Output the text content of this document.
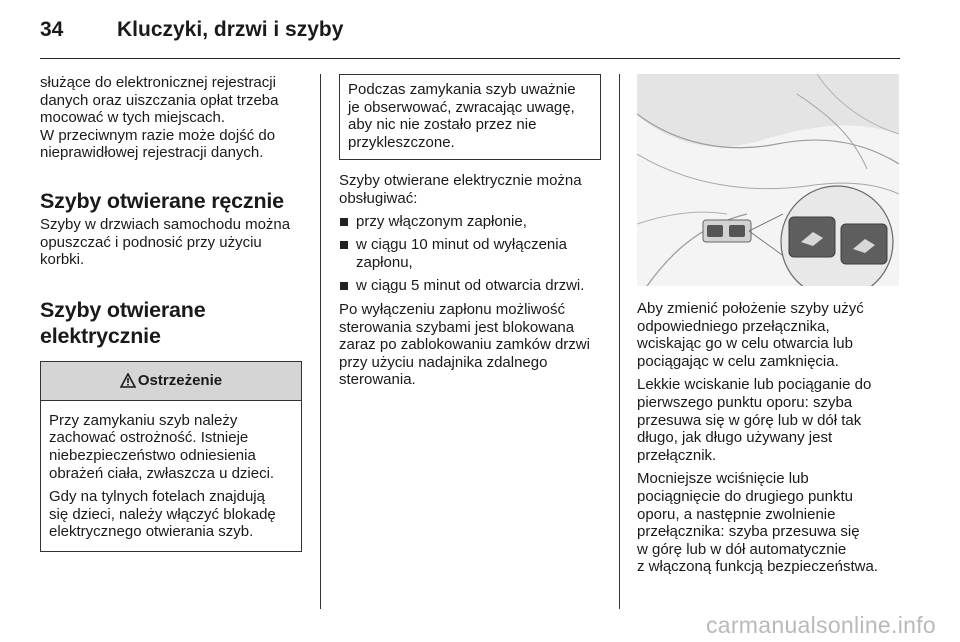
34	Kluczyki, drzwi i szyby

służące do elektronicznej rejestracji
danych oraz uiszczania opłat trzeba
mocować w tych miejscach.
W przeciwnym razie może dojść do
nieprawidłowej rejestracji danych.

Szyby otwierane ręcznie

Szyby w drzwiach samochodu można
opuszczać i podnosić przy użyciu
korbki.

Szyby otwierane
elektrycznie
Ostrzeżenie

Przy zamykaniu szyb należy
zachować ostrożność. Istnieje
niebezpieczeństwo odniesienia
obrażeń ciała, zwłaszcza u dzieci.

Gdy na tylnych fotelach znajdują
się dzieci, należy włączyć blokadę
elektrycznego otwierania szyb.

Podczas zamykania szyb uważnie
je obserwować, zwracając uwagę,
aby nic nie zostało przez nie
przykleszczone.

Szyby otwierane elektrycznie można
obsługiwać:

przy włączonym zapłonie,
w ciągu 10 minut od wyłączenia
zapłonu,
w ciągu 5 minut od otwarcia drzwi.

Po wyłączeniu zapłonu możliwość
sterowania szybami jest blokowana
zaraz po zablokowaniu zamków drzwi
przy użyciu nadajnika zdalnego
sterowania.

Aby zmienić położenie szyby użyć
odpowiedniego przełącznika,
wciskając go w celu otwarcia lub
pociągając w celu zamknięcia.

Lekkie wciskanie lub pociąganie do
pierwszego punktu oporu: szyba
przesuwa się w górę lub w dół tak
długo, jak długo używany jest
przełącznik.

Mocniejsze wciśnięcie lub
pociągnięcie do drugiego punktu
oporu, a następnie zwolnienie
przełącznika: szyba przesuwa się
w górę lub w dół automatycznie
z włączoną funkcją bezpieczeństwa.

carmanualsonline.info
